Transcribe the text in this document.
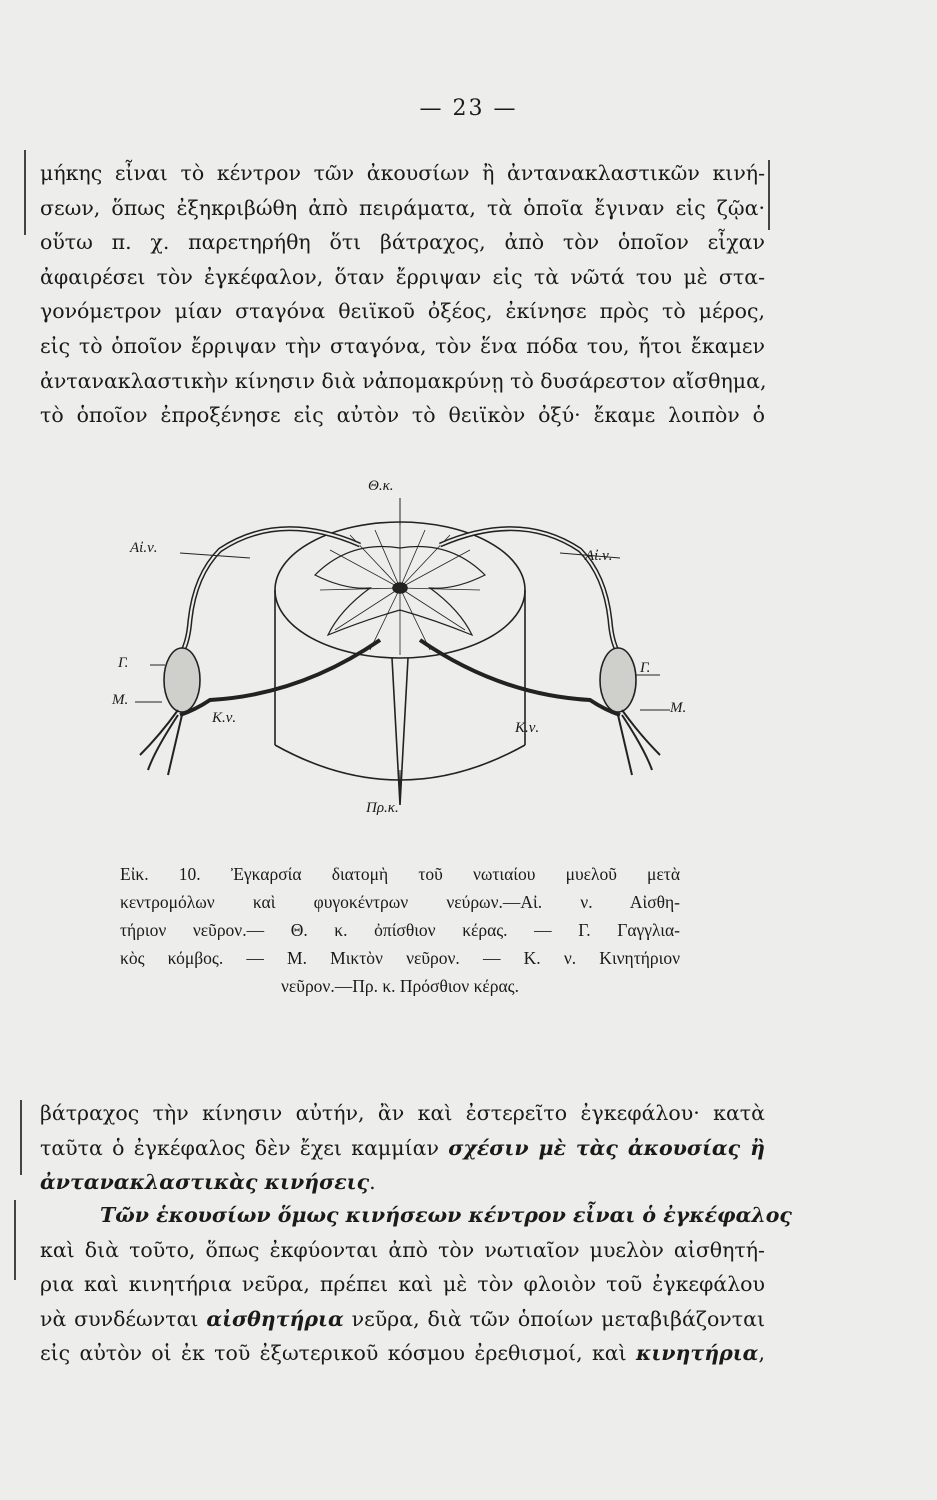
— 23 —
μήκης εἶναι τὸ κέντρον τῶν ἀκουσίων ἢ ἀντανακλαστικῶν κινή-
σεων, ὅπως ἐξηκριβώθη ἀπὸ πειράματα, τὰ ὁποῖα ἔγιναν εἰς ζῷα·
οὕτω π. χ. παρετηρήθη ὅτι βάτραχος, ἀπὸ τὸν ὁποῖον εἶχαν
ἀφαιρέσει τὸν ἐγκέφαλον, ὅταν ἔρριψαν εἰς τὰ νῶτά του μὲ στα-
γονόμετρον μίαν σταγόνα θειϊκοῦ ὀξέος, ἐκίνησε πρὸς τὸ μέρος,
εἰς τὸ ὁποῖον ἔρριψαν τὴν σταγόνα, τὸν ἕνα πόδα του, ἤτοι ἔκαμεν
ἀντανακλαστικὴν κίνησιν διὰ νἀπομακρύνῃ τὸ δυσάρεστον αἴσθημα,
τὸ ὁποῖον ἐπροξένησε εἰς αὐτὸν τὸ θειϊκὸν ὀξύ· ἔκαμε λοιπὸν ὁ
Θ.κ.
Αἰ.ν.	Αἰ.ν.
Γ.	Γ.
Μ.	Μ.
Κ.ν.
Κ.ν.
Πρ.κ.
Εἰκ. 10. Ἐγκαρσία διατομὴ τοῦ νωτιαίου μυελοῦ μετὰ
κεντρομόλων καὶ φυγοκέντρων νεύρων.—Αἰ. ν. Αἰσθη-
τήριον νεῦρον.— Θ. κ. ὀπίσθιον κέρας. — Γ. Γαγγλια-
κὸς κόμβος. — Μ. Μικτὸν νεῦρον. — Κ. ν. Κινητήριον
νεῦρον.—Πρ. κ. Πρόσθιον κέρας.
βάτραχος τὴν κίνησιν αὐτήν, ἂν καὶ ἐστερεῖτο ἐγκεφάλου· κατὰ
ταῦτα ὁ ἐγκέφαλος δὲν ἔχει καμμίαν σχέσιν μὲ τὰς ἀκουσίας ἢ
ἀντανακλαστικὰς κινήσεις.
Τῶν ἑκουσίων ὅμως κινήσεων κέντρον εἶναι ὁ ἐγκέφαλος
καὶ διὰ τοῦτο, ὅπως ἐκφύονται ἀπὸ τὸν νωτιαῖον μυελὸν αἰσθητή-
ρια καὶ κινητήρια νεῦρα, πρέπει καὶ μὲ τὸν φλοιὸν τοῦ ἐγκεφάλου
νὰ συνδέωνται αἰσθητήρια νεῦρα, διὰ τῶν ὁποίων μεταβιβάζονται
εἰς αὐτὸν οἱ ἐκ τοῦ ἐξωτερικοῦ κόσμου ἐρεθισμοί, καὶ κινητήρια,
